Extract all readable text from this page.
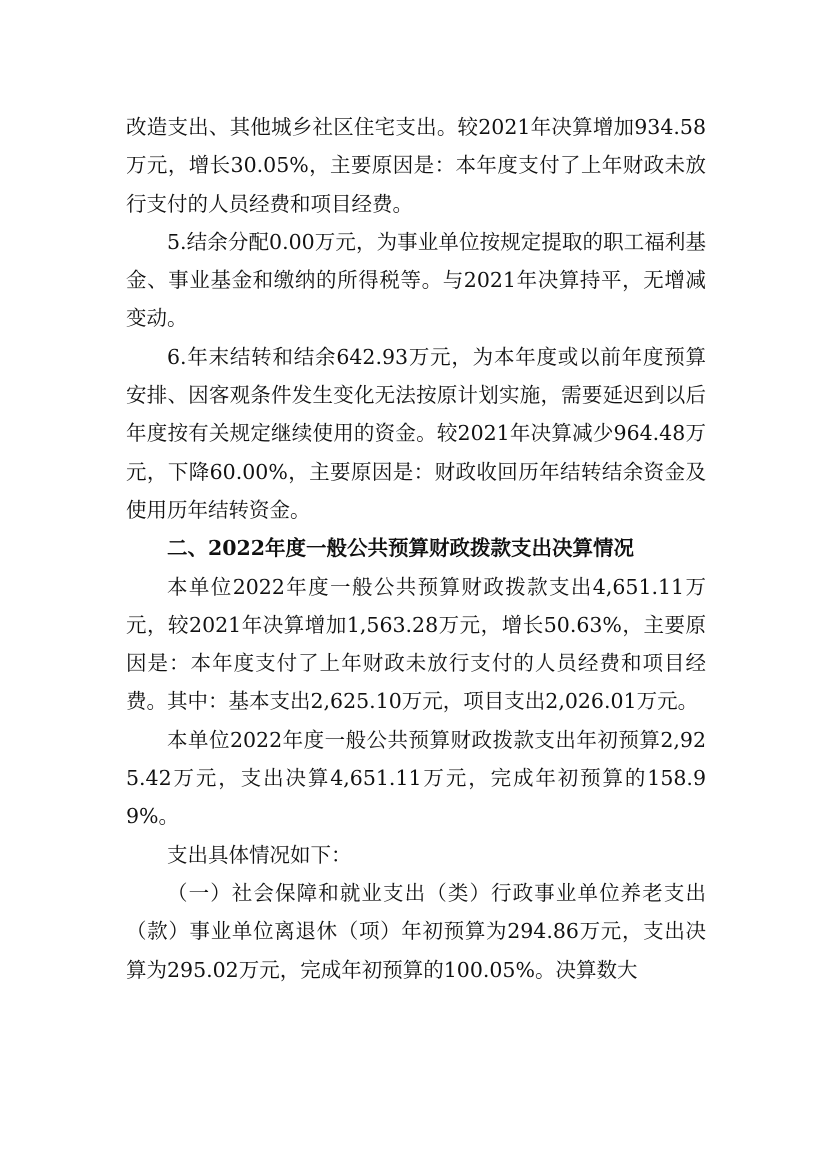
改造支出、其他城乡社区住宅支出。较2021年决算增加934.58万元，增长30.05%，主要原因是：本年度支付了上年财政未放行支付的人员经费和项目经费。

5.结余分配0.00万元，为事业单位按规定提取的职工福利基金、事业基金和缴纳的所得税等。与2021年决算持平，无增减变动。

6.年末结转和结余642.93万元，为本年度或以前年度预算安排、因客观条件发生变化无法按原计划实施，需要延迟到以后年度按有关规定继续使用的资金。较2021年决算减少964.48万元，下降60.00%，主要原因是：财政收回历年结转结余资金及使用历年结转资金。

二、2022年度一般公共预算财政拨款支出决算情况

本单位2022年度一般公共预算财政拨款支出4,651.11万元，较2021年决算增加1,563.28万元，增长50.63%，主要原因是：本年度支付了上年财政未放行支付的人员经费和项目经费。其中：基本支出2,625.10万元，项目支出2,026.01万元。

本单位2022年度一般公共预算财政拨款支出年初预算2,925.42万元，支出决算4,651.11万元，完成年初预算的158.99%。

支出具体情况如下：

（一）社会保障和就业支出（类）行政事业单位养老支出（款）事业单位离退休（项）年初预算为294.86万元，支出决算为295.02万元，完成年初预算的100.05%。决算数大
